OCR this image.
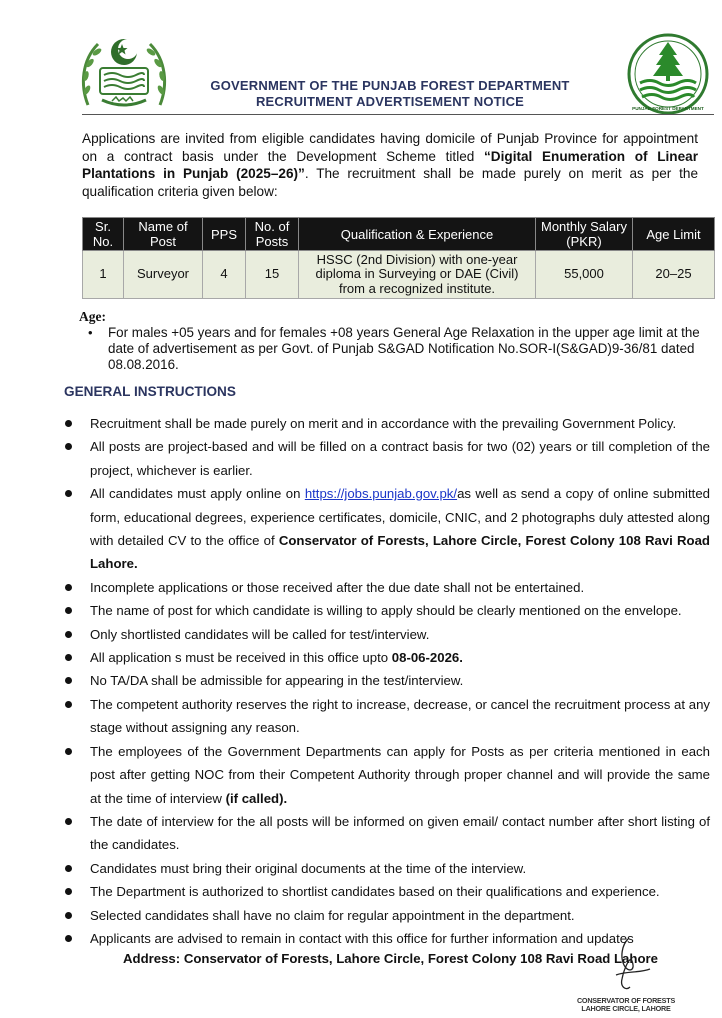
PUNJAB FOREST DEPARTMENT
GOVERNMENT OF THE PUNJAB FOREST DEPARTMENT
RECRUITMENT ADVERTISEMENT NOTICE
Applications are invited from eligible candidates having domicile of Punjab Province for appointment on a contract basis under the Development Scheme titled “Digital Enumeration of Linear Plantations in Punjab (2025–26)”. The recruitment shall be made purely on merit as per the qualification criteria given below:
Sr. No.	Name of Post	PPS	No. of Posts	Qualification & Experience	Monthly Salary (PKR)	Age Limit
1	Surveyor	4	15	HSSC (2nd Division) with one-year diploma in Surveying or DAE (Civil) from a recognized institute.	55,000	20–25
Age:
• For males +05 years and for females +08 years General Age Relaxation in the upper age limit at the date of advertisement as per Govt. of Punjab S&GAD Notification No.SOR-I(S&GAD)9-36/81 dated 08.08.2016.
GENERAL INSTRUCTIONS
Recruitment shall be made purely on merit and in accordance with the prevailing Government Policy.
All posts are project-based and will be filled on a contract basis for two (02) years or till completion of the project, whichever is earlier.
All candidates must apply online on https://jobs.punjab.gov.pk/as well as send a copy of online submitted form, educational degrees, experience certificates, domicile, CNIC, and 2 photographs duly attested along with detailed CV to the office of Conservator of Forests, Lahore Circle, Forest Colony 108 Ravi Road Lahore.
Incomplete applications or those received after the due date shall not be entertained.
The name of post for which candidate is willing to apply should be clearly mentioned on the envelope.
Only shortlisted candidates will be called for test/interview.
All application s must be received in this office upto 08-06-2026.
No TA/DA shall be admissible for appearing in the test/interview.
The competent authority reserves the right to increase, decrease, or cancel the recruitment process at any stage without assigning any reason.
The employees of the Government Departments can apply for Posts as per criteria mentioned in each post after getting NOC from their Competent Authority through proper channel and will provide the same at the time of interview (if called).
The date of interview for the all posts will be informed on given email/ contact number after short listing of the candidates.
Candidates must bring their original documents at the time of the interview.
The Department is authorized to shortlist candidates based on their qualifications and experience.
Selected candidates shall have no claim for regular appointment in the department.
Applicants are advised to remain in contact with this office for further information and updates
Address: Conservator of Forests, Lahore Circle, Forest Colony 108 Ravi Road Lahore
CONSERVATOR OF FORESTS
LAHORE CIRCLE, LAHORE
